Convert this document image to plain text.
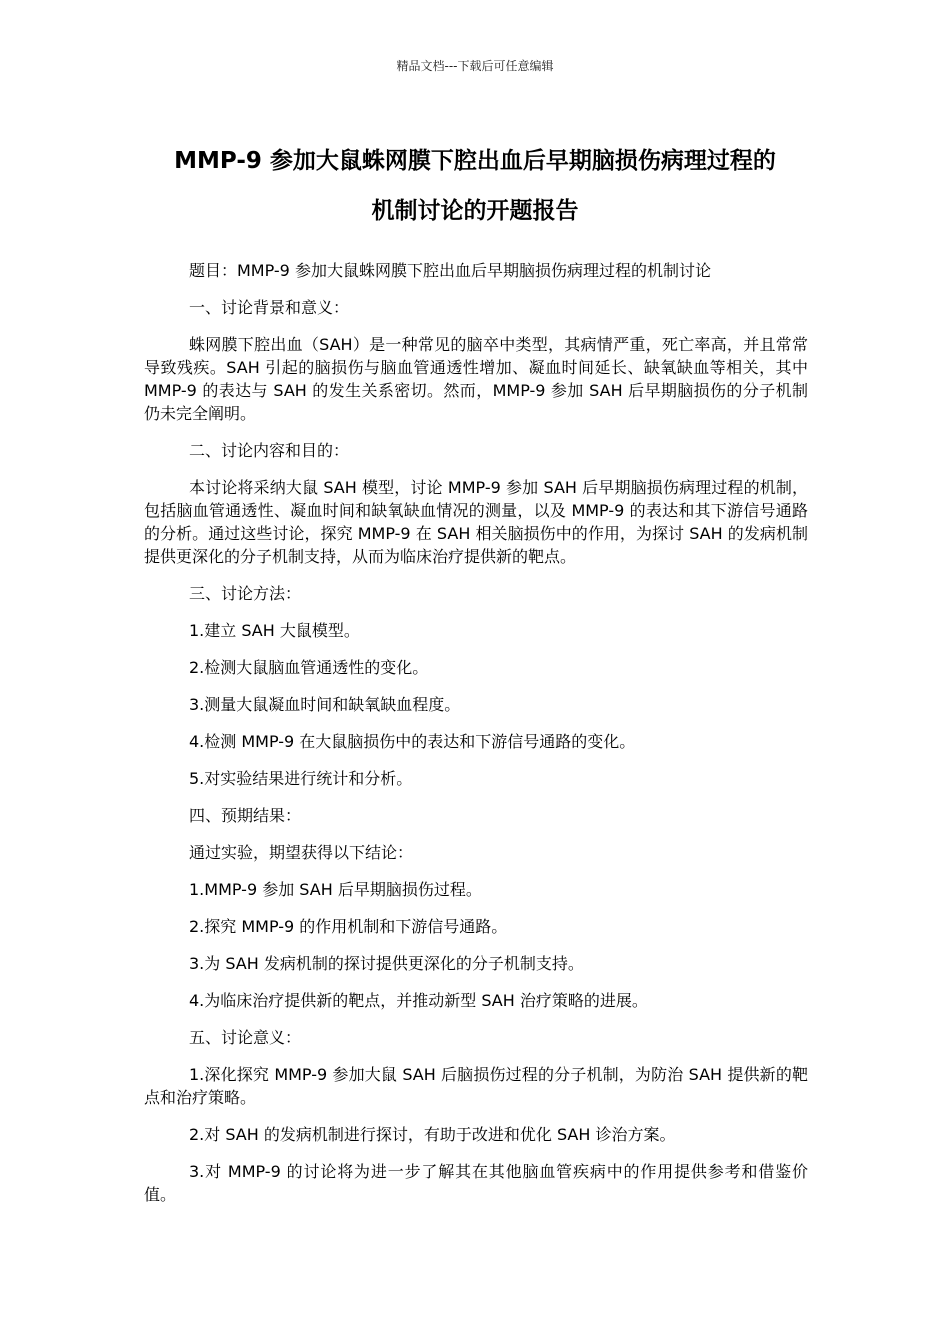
精品文档---下载后可任意编辑
MMP-9 参加大鼠蛛网膜下腔出血后早期脑损伤病理过程的
机制讨论的开题报告

题目：MMP-9 参加大鼠蛛网膜下腔出血后早期脑损伤病理过程的机制讨论

一、讨论背景和意义：

蛛网膜下腔出血（SAH）是一种常见的脑卒中类型，其病情严重，死亡率高，并且常常导致残疾。SAH 引起的脑损伤与脑血管通透性增加、凝血时间延长、缺氧缺血等相关，其中 MMP-9 的表达与 SAH 的发生关系密切。然而，MMP-9 参加 SAH 后早期脑损伤的分子机制仍未完全阐明。

二、讨论内容和目的：

本讨论将采纳大鼠 SAH 模型，讨论 MMP-9 参加 SAH 后早期脑损伤病理过程的机制，包括脑血管通透性、凝血时间和缺氧缺血情况的测量，以及 MMP-9 的表达和其下游信号通路的分析。通过这些讨论，探究 MMP-9 在 SAH 相关脑损伤中的作用，为探讨 SAH 的发病机制提供更深化的分子机制支持，从而为临床治疗提供新的靶点。

三、讨论方法：

1.建立 SAH 大鼠模型。

2.检测大鼠脑血管通透性的变化。

3.测量大鼠凝血时间和缺氧缺血程度。

4.检测 MMP-9 在大鼠脑损伤中的表达和下游信号通路的变化。

5.对实验结果进行统计和分析。

四、预期结果：

通过实验，期望获得以下结论：

1.MMP-9 参加 SAH 后早期脑损伤过程。

2.探究 MMP-9 的作用机制和下游信号通路。

3.为 SAH 发病机制的探讨提供更深化的分子机制支持。

4.为临床治疗提供新的靶点，并推动新型 SAH 治疗策略的进展。

五、讨论意义：

1.深化探究 MMP-9 参加大鼠 SAH 后脑损伤过程的分子机制，为防治 SAH 提供新的靶点和治疗策略。

2.对 SAH 的发病机制进行探讨，有助于改进和优化 SAH 诊治方案。

3.对 MMP-9 的讨论将为进一步了解其在其他脑血管疾病中的作用提供参考和借鉴价值。
